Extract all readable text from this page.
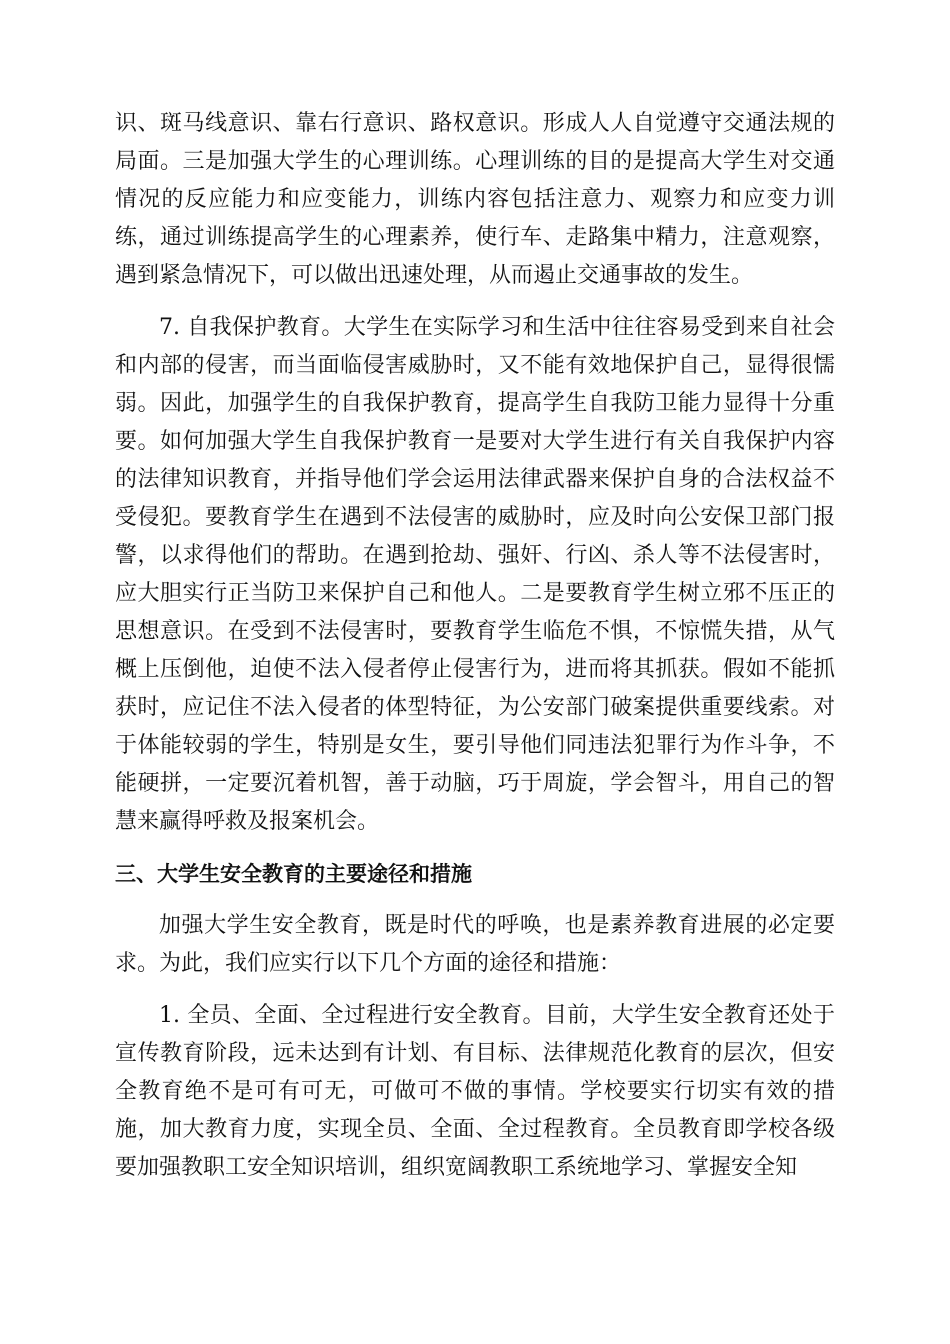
识、斑马线意识、靠右行意识、路权意识。形成人人自觉遵守交通法规的局面。三是加强大学生的心理训练。心理训练的目的是提高大学生对交通情况的反应能力和应变能力，训练内容包括注意力、观察力和应变力训练，通过训练提高学生的心理素养，使行车、走路集中精力，注意观察，遇到紧急情况下，可以做出迅速处理，从而遏止交通事故的发生。

7. 自我保护教育。大学生在实际学习和生活中往往容易受到来自社会和内部的侵害，而当面临侵害威胁时，又不能有效地保护自己，显得很懦弱。因此，加强学生的自我保护教育，提高学生自我防卫能力显得十分重要。如何加强大学生自我保护教育一是要对大学生进行有关自我保护内容的法律知识教育，并指导他们学会运用法律武器来保护自身的合法权益不受侵犯。要教育学生在遇到不法侵害的威胁时，应及时向公安保卫部门报警，以求得他们的帮助。在遇到抢劫、强奸、行凶、杀人等不法侵害时，应大胆实行正当防卫来保护自己和他人。二是要教育学生树立邪不压正的思想意识。在受到不法侵害时，要教育学生临危不惧，不惊慌失措，从气概上压倒他，迫使不法入侵者停止侵害行为，进而将其抓获。假如不能抓获时，应记住不法入侵者的体型特征，为公安部门破案提供重要线索。对于体能较弱的学生，特别是女生，要引导他们同违法犯罪行为作斗争，不能硬拼，一定要沉着机智，善于动脑，巧于周旋，学会智斗，用自己的智慧来赢得呼救及报案机会。

三、大学生安全教育的主要途径和措施

加强大学生安全教育，既是时代的呼唤，也是素养教育进展的必定要求。为此，我们应实行以下几个方面的途径和措施：

1. 全员、全面、全过程进行安全教育。目前，大学生安全教育还处于宣传教育阶段，远未达到有计划、有目标、法律规范化教育的层次，但安全教育绝不是可有可无，可做可不做的事情。学校要实行切实有效的措施，加大教育力度，实现全员、全面、全过程教育。全员教育即学校各级要加强教职工安全知识培训，组织宽阔教职工系统地学习、掌握安全知
